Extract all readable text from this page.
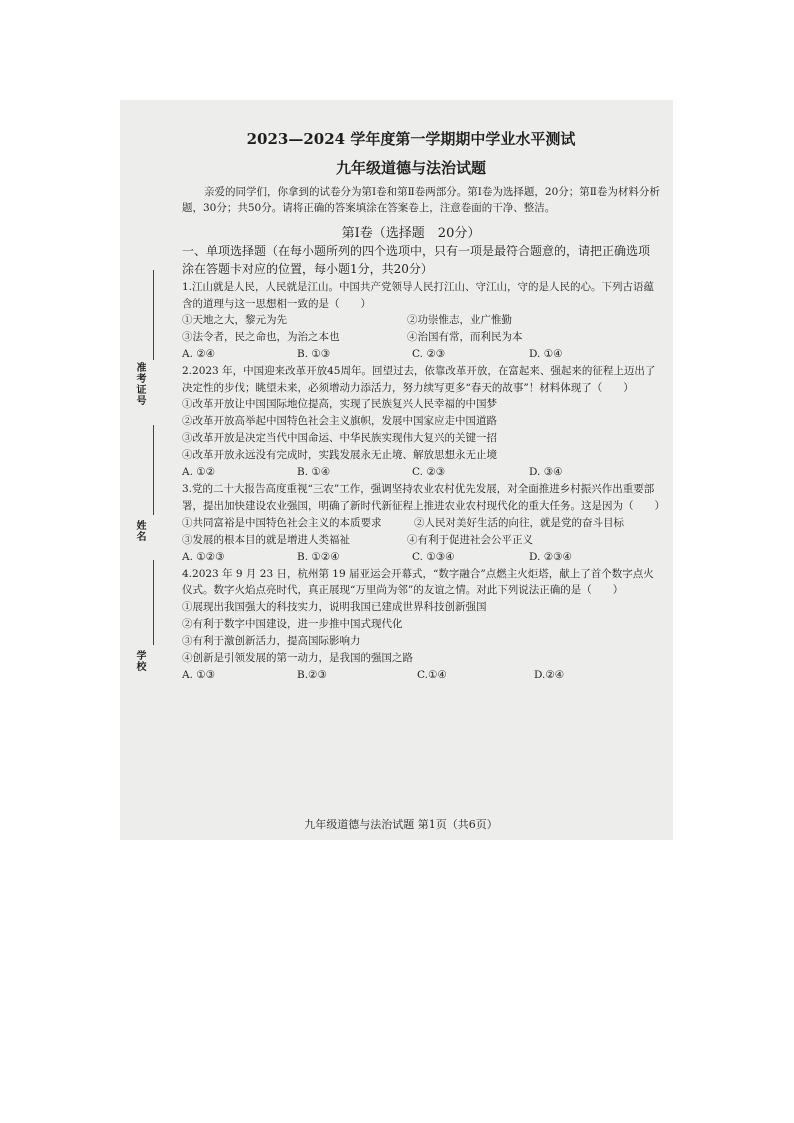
准考证号
姓名
学校
2023—2024 学年度第一学期期中学业水平测试
九年级道德与法治试题

亲爱的同学们，你拿到的试卷分为第Ⅰ卷和第Ⅱ卷两部分。第Ⅰ卷为选择题，20分；第Ⅱ卷为材料分析题，30分；共50分。请将正确的答案填涂在答案卷上，注意卷面的干净、整洁。

第Ⅰ卷（选择题　20分）

一、单项选择题（在每小题所列的四个选项中，只有一项是最符合题意的，请把正确选项涂在答题卡对应的位置，每小题1分，共20分）

1.江山就是人民，人民就是江山。中国共产党领导人民打江山、守江山，守的是人民的心。下列古语蕴含的道理与这一思想相一致的是（　　）

①天地之大，黎元为先	②功崇惟志，业广惟勤
③法令者，民之命也，为治之本也	④治国有常，而利民为本
A. ②④	B. ①③	C. ②③	D. ①④

2.2023 年，中国迎来改革开放45周年。回望过去，依靠改革开放，在富起来、强起来的征程上迈出了决定性的步伐；眺望未来，必须增动力添活力，努力续写更多“春天的故事”！材料体现了（　　）

①改革开放让中国国际地位提高，实现了民族复兴人民幸福的中国梦
②改革开放高举起中国特色社会主义旗帜，发展中国家应走中国道路
③改革开放是决定当代中国命运、中华民族实现伟大复兴的关键一招
④改革开放永远没有完成时，实践发展永无止境、解放思想永无止境
A. ①②	B. ①④	C. ②③	D. ③④

3.党的二十大报告高度重视“三农”工作，强调坚持农业农村优先发展，对全面推进乡村振兴作出重要部署，提出加快建设农业强国，明确了新时代新征程上推进农业农村现代化的重大任务。这是因为（　　）

①共同富裕是中国特色社会主义的本质要求	②人民对美好生活的向往，就是党的奋斗目标
③发展的根本目的就是增进人类福祉	④有利于促进社会公平正义
A. ①②③	B. ①②④	C. ①③④	D. ②③④

4.2023 年 9 月 23 日，杭州第 19 届亚运会开幕式，“数字融合”点燃主火炬塔，献上了首个数字点火仪式。数字火焰点亮时代，真正展现“万里尚为邻”的友谊之情。对此下列说法正确的是（　　）

①展现出我国强大的科技实力，说明我国已建成世界科技创新强国
②有利于数字中国建设，进一步推中国式现代化
③有利于激创新活力，提高国际影响力
④创新是引领发展的第一动力，是我国的强国之路
A. ①③	B.②③	C.①④	D.②④
九年级道德与法治试题 第1页（共6页）
